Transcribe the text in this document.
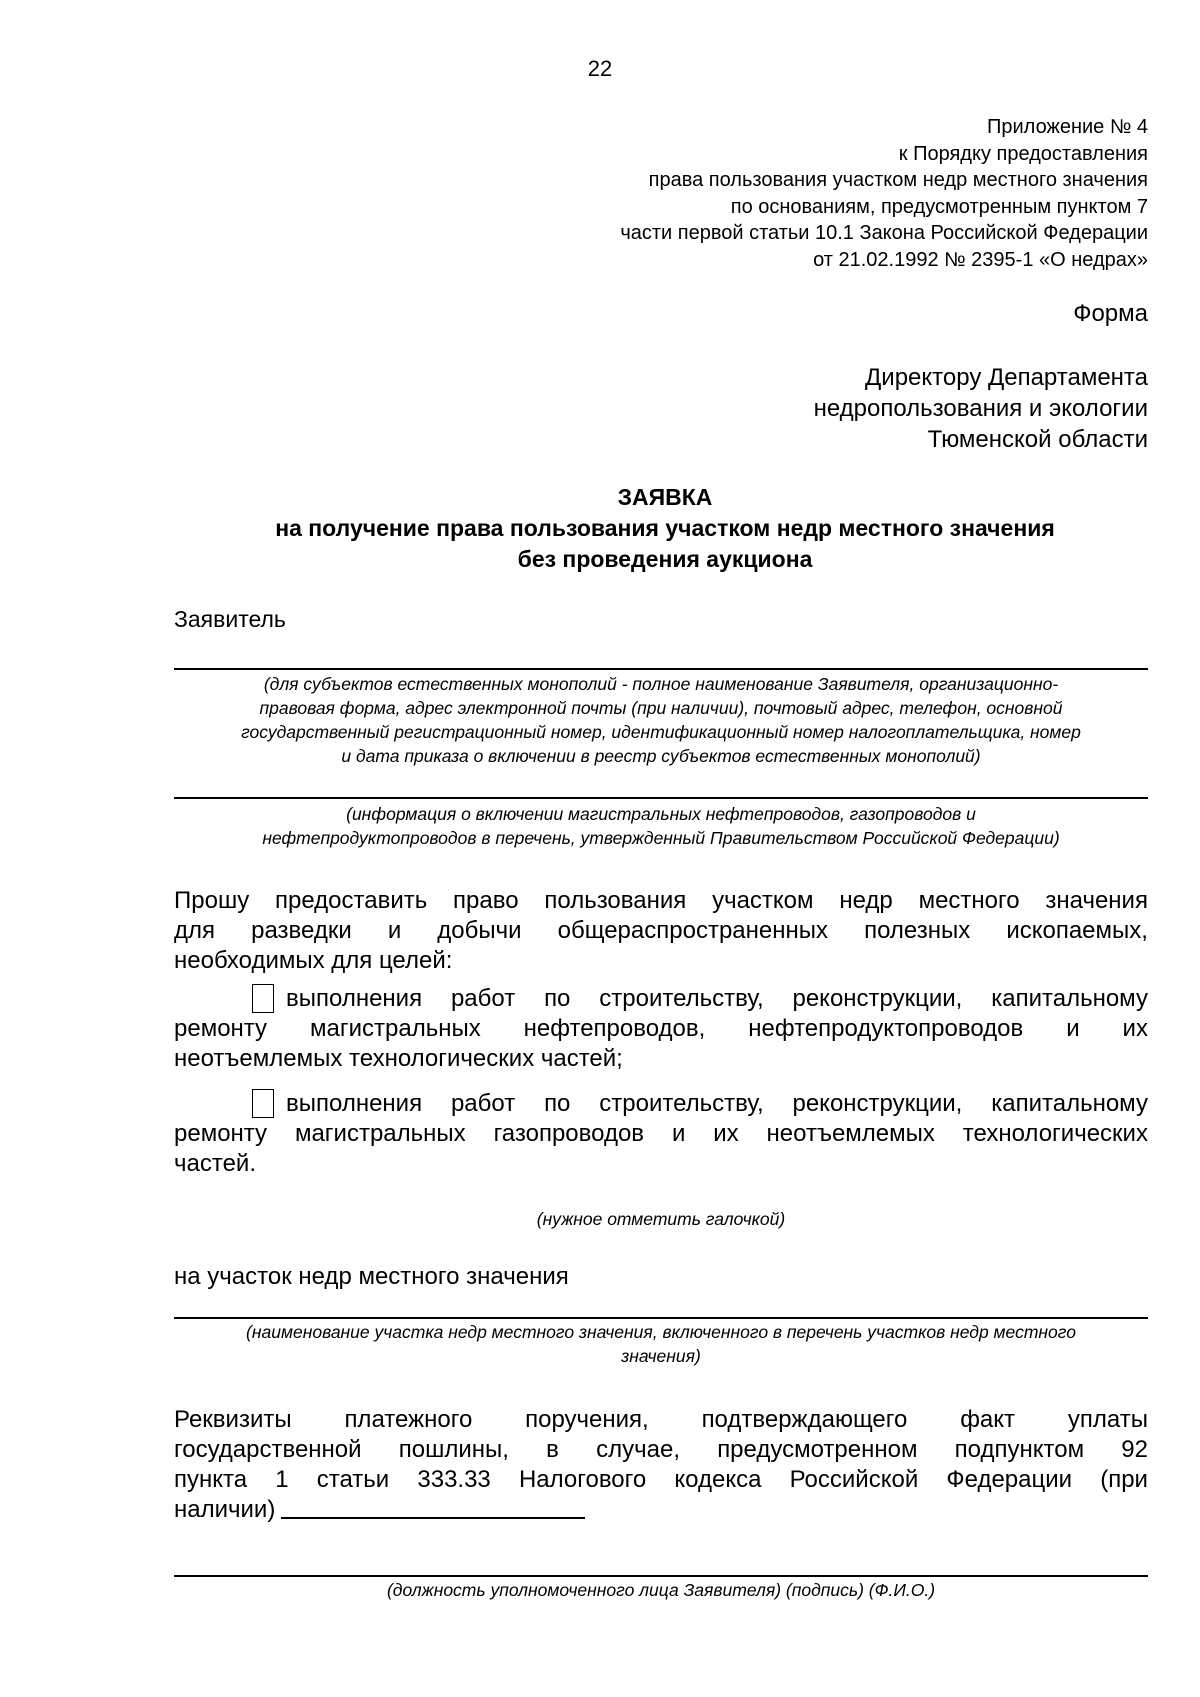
22
Приложение № 4
к Порядку предоставления
права пользования участком недр местного значения
по основаниям, предусмотренным пунктом 7
части первой статьи 10.1 Закона Российской Федерации
от 21.02.1992 № 2395-1 «О недрах»
Форма
Директору Департамента
недропользования и экологии
Тюменской области
ЗАЯВКА
на получение права пользования участком недр местного значения
без проведения аукциона
Заявитель
(для субъектов естественных монополий - полное наименование Заявителя, организационно-
правовая форма, адрес электронной почты (при наличии), почтовый адрес, телефон, основной
государственный регистрационный номер, идентификационный номер налогоплательщика, номер
и дата приказа о включении в реестр субъектов естественных монополий)
(информация о включении магистральных нефтепроводов, газопроводов и
нефтепродуктопроводов в перечень, утвержденный Правительством Российской Федерации)
Прошу предоставить право пользования участком недр местного значения
для разведки и добычи общераспространенных полезных ископаемых,
необходимых для целей:
выполнения работ по строительству, реконструкции, капитальному
ремонту магистральных нефтепроводов, нефтепродуктопроводов и их
неотъемлемых технологических частей;
выполнения работ по строительству, реконструкции, капитальному
ремонту магистральных газопроводов и их неотъемлемых технологических
частей.
(нужное отметить галочкой)
на участок недр местного значения
(наименование участка недр местного значения, включенного в перечень участков недр местного
значения)
Реквизиты платежного поручения, подтверждающего факт уплаты
государственной пошлины, в случае, предусмотренном подпунктом 92
пункта 1 статьи 333.33 Налогового кодекса Российской Федерации (при
наличии)
(должность уполномоченного лица Заявителя) (подпись) (Ф.И.О.)
